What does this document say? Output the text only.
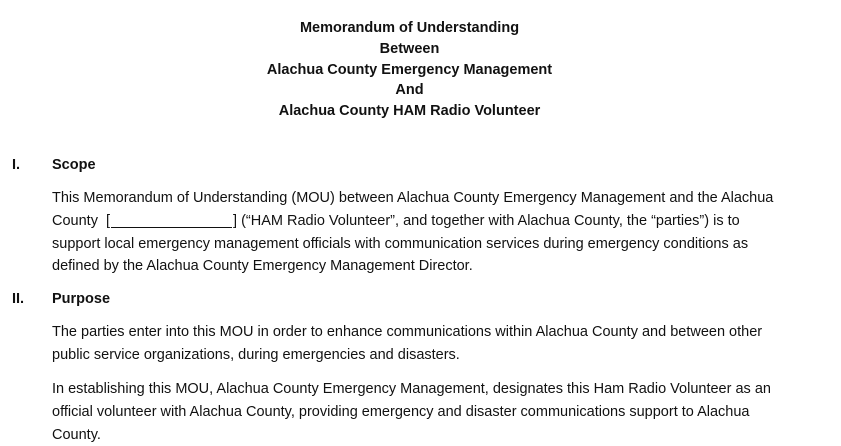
Memorandum of Understanding
Between
Alachua County Emergency Management
And
Alachua County HAM Radio Volunteer
I. Scope
This Memorandum of Understanding (MOU) between Alachua County Emergency Management and the Alachua
County  [	] (“HAM Radio Volunteer”, and together with Alachua County, the “parties”) is to
support local emergency management officials with communication services during emergency conditions as
defined by the Alachua County Emergency Management Director.
II. Purpose
The parties enter into this MOU in order to enhance communications within Alachua County and between other
public service organizations, during emergencies and disasters.
In establishing this MOU, Alachua County Emergency Management, designates this Ham Radio Volunteer as an
official volunteer with Alachua County, providing emergency and disaster communications support to Alachua
County.
